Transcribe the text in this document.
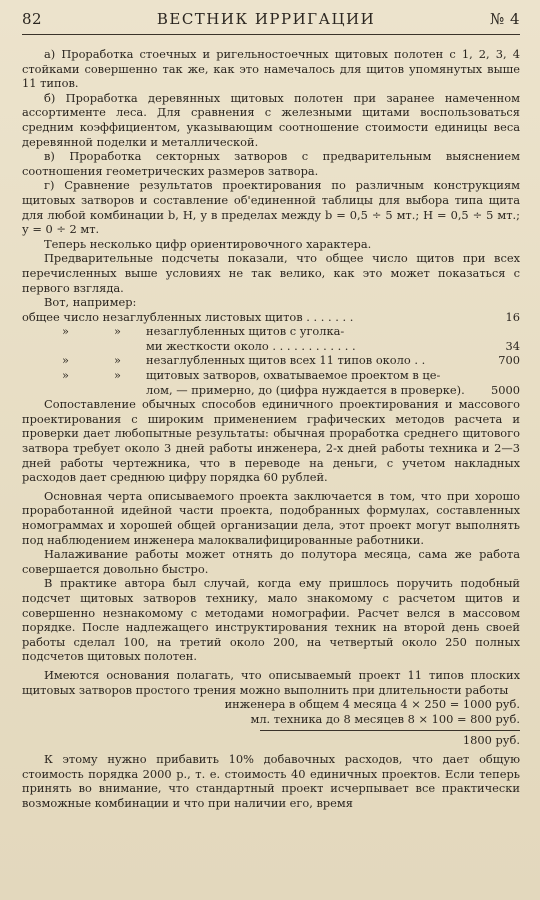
82	ВЕСТНИК ИРРИГАЦИИ	№ 4

а) Проработка стоечных и ригельностоечных щитовых полотен с 1, 2, 3, 4 стойками совершенно так же, как это намечалось для щитов упомянутых выше 11 типов.

б) Проработка деревянных щитовых полотен при заранее намеченном ассортименте леса. Для сравнения с железными щитами воспользоваться средним коэффициентом, указывающим соотношение стоимости единицы веса деревянной поделки и металлической.

в) Проработка секторных затворов с предварительным выяснением соотношения геометрических размеров затвора.

г) Сравнение результатов проектирования по различным конструкциям щитовых затворов и составление об'единенной таблицы для выбора типа щита для любой комбинации b, H, у в пределах между b = 0,5 ÷ 5 мт.; H = 0,5 ÷ 5 мт.; у = 0 ÷ 2 мт.

Теперь несколько цифр ориентировочного характера.

Предварительные подсчеты показали, что общее число щитов при всех перечисленных выше условиях не так велико, как это может показаться с первого взгляда.

Вот, например:

общее число незаглубленных листовых щитов . . . . . . .	16
»	»	незаглубленных щитов с уголка-
ми жесткости около . . . . . . . . . . . .	34
»	»	незаглубленных щитов всех 11 типов около . .	700
»	»	щитовых затворов, охватываемое проектом в це-
лом, — примерно, до (цифра нуждается в проверке).	5000

Сопоставление обычных способов единичного проектирования и массового проектирования с широким применением графических методов расчета и проверки дает любопытные результаты: обычная проработка среднего щитового затвора требует около 3 дней работы инженера, 2-х дней работы техника и 2—3 дней работы чертежника, что в переводе на деньги, с учетом накладных расходов дает среднюю цифру порядка 60 рублей.

Основная черта описываемого проекта заключается в том, что при хорошо проработанной идейной части проекта, подобранных формулах, составленных номограммах и хорошей общей организации дела, этот проект могут выполнять под наблюдением инженера малоквалифицированные работники.

Налаживание работы может отнять до полутора месяца, сама же работа совершается довольно быстро.

В практике автора был случай, когда ему пришлось поручить подобный подсчет щитовых затворов технику, мало знакомому с расчетом щитов и совершенно незнакомому с методами номографии. Расчет велся в массовом порядке. После надлежащего инструктирования техник на второй день своей работы сделал 100, на третий около 200, на четвертый около 250 полных подсчетов щитовых полотен.

Имеются основания полагать, что описываемый проект 11 типов плоских щитовых затворов простого трения можно выполнить при длительности работы

инженера в общем 4 месяца 4 × 250 = 1000 руб.
мл. техника до 8 месяцев 8 × 100 = 800 руб.
1800 руб.

К этому нужно прибавить 10% добавочных расходов, что дает общую стоимость порядка 2000 р., т. е. стоимость 40 единичных проектов. Если теперь принять во внимание, что стандартный проект исчерпывает все практически возможные комбинации и что при наличии его, время
